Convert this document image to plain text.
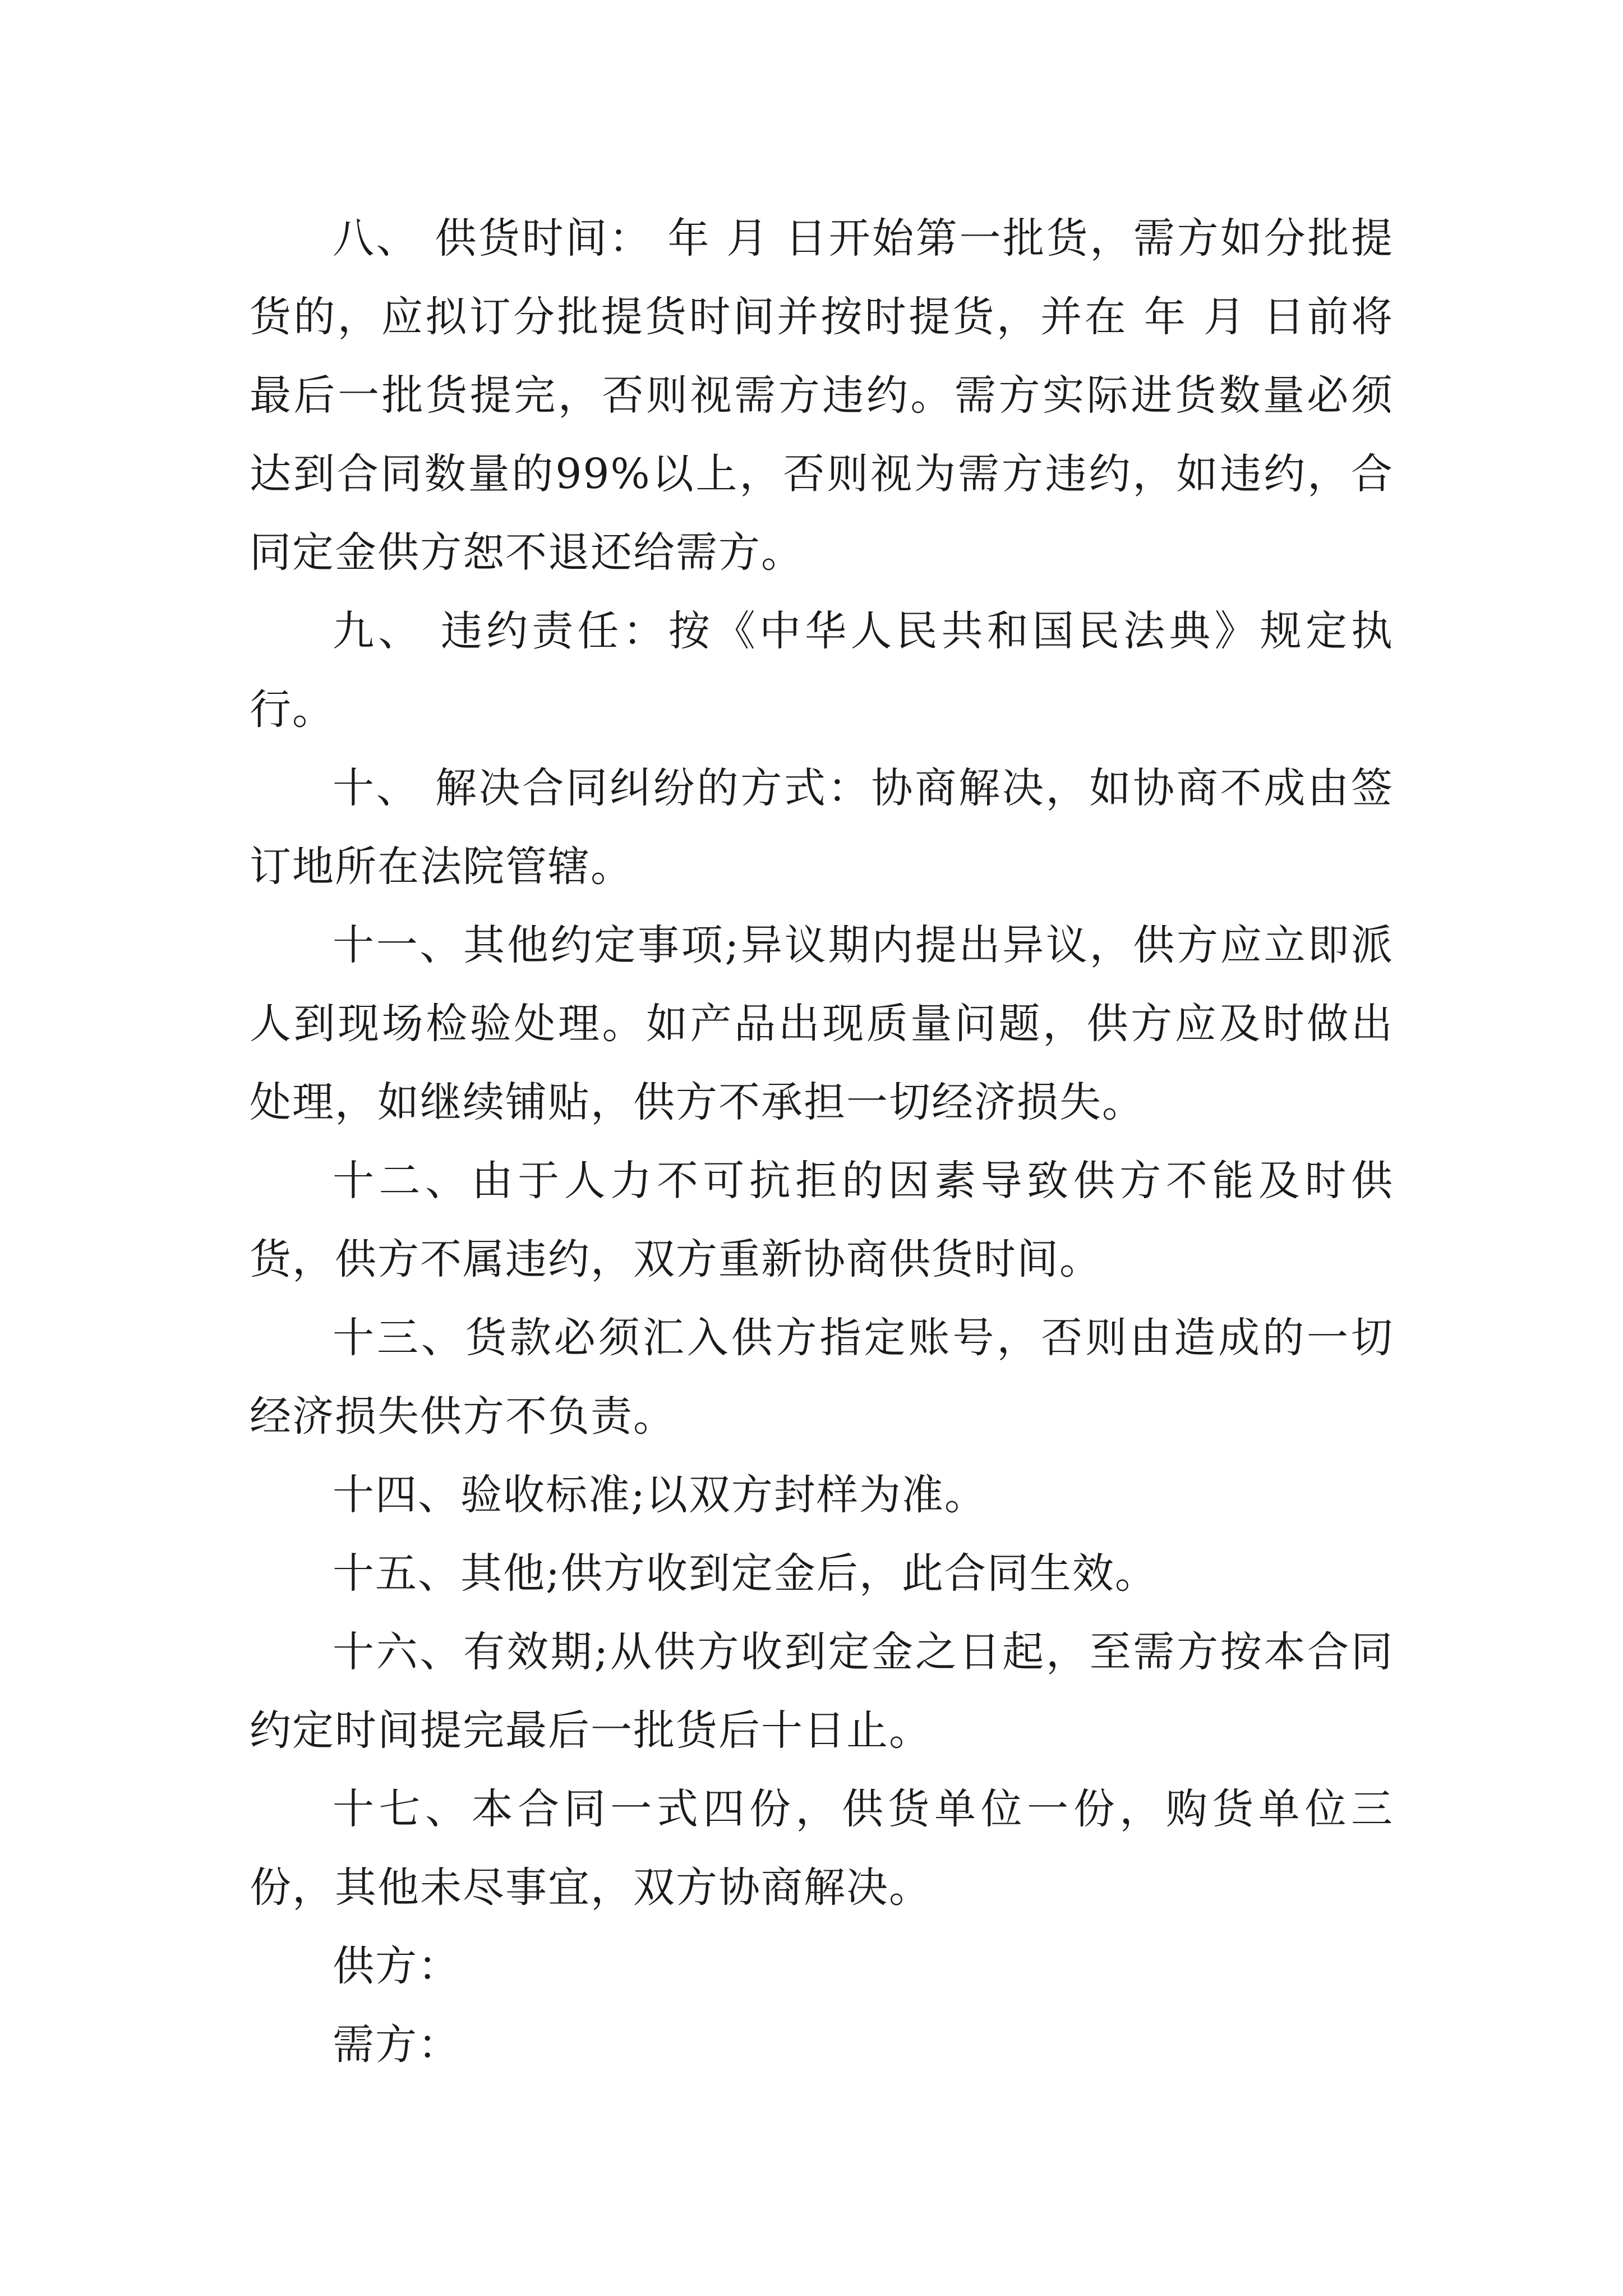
八、 供货时间： 年 月 日开始第一批货，需方如分批提货的，应拟订分批提货时间并按时提货，并在 年 月 日前将最后一批货提完，否则视需方违约。需方实际进货数量必须达到合同数量的99%以上，否则视为需方违约，如违约，合同定金供方恕不退还给需方。

九、 违约责任：按《中华人民共和国民法典》规定执行。

十、 解决合同纠纷的方式：协商解决，如协商不成由签订地所在法院管辖。

十一、其他约定事项;异议期内提出异议，供方应立即派人到现场检验处理。如产品出现质量问题，供方应及时做出处理，如继续铺贴，供方不承担一切经济损失。

十二、由于人力不可抗拒的因素导致供方不能及时供货，供方不属违约，双方重新协商供货时间。

十三、货款必须汇入供方指定账号，否则由造成的一切经济损失供方不负责。

十四、验收标准;以双方封样为准。

十五、其他;供方收到定金后，此合同生效。

十六、有效期;从供方收到定金之日起，至需方按本合同约定时间提完最后一批货后十日止。

十七、本合同一式四份，供货单位一份，购货单位三份，其他未尽事宜，双方协商解决。

供方：

需方：
